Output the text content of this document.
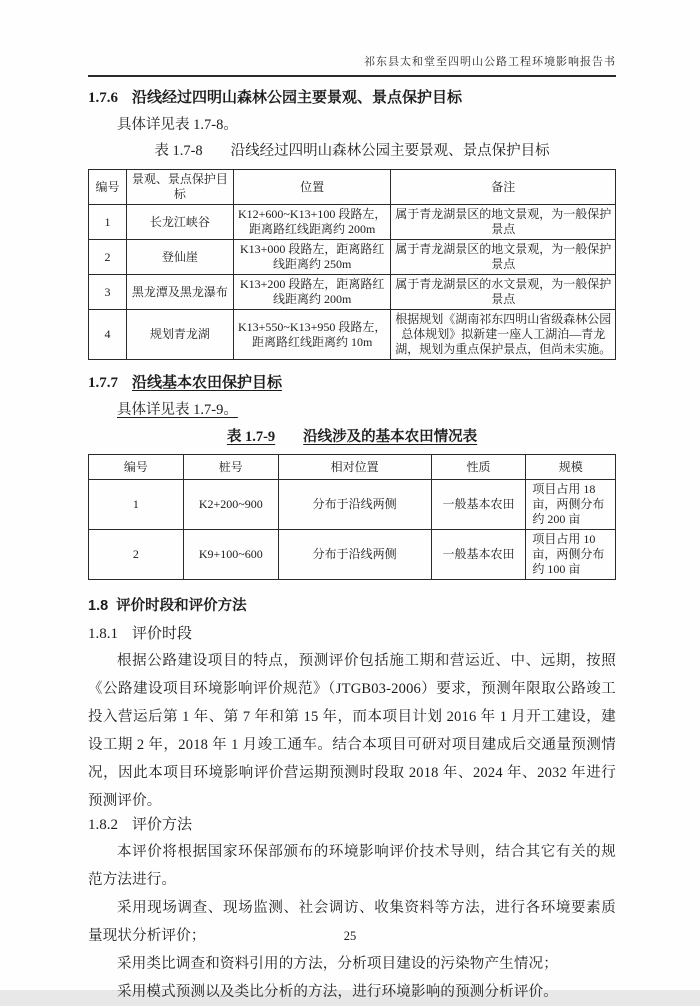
祁东县太和堂至四明山公路工程环境影响报告书
1.7.6 沿线经过四明山森林公园主要景观、景点保护目标

具体详见表 1.7-8。

表 1.7-8 沿线经过四明山森林公园主要景观、景点保护目标
编号	景观、景点保护目标	位置	备注
1	长龙江峡谷	K12+600~K13+100 段路左，距离路红线距离约 200m	属于青龙湖景区的地文景观，为一般保护景点
2	登仙崖	K13+000 段路左，距离路红线距离约 250m	属于青龙湖景区的地文景观，为一般保护景点
3	黑龙潭及黑龙瀑布	K13+200 段路左，距离路红线距离约 200m	属于青龙湖景区的水文景观，为一般保护景点
4	规划青龙湖	K13+550~K13+950 段路左，距离路红线距离约 10m	根据规划《湖南祁东四明山省级森林公园总体规划》拟新建一座人工湖泊—青龙湖，规划为重点保护景点，但尚未实施。
1.7.7 沿线基本农田保护目标

具体详见表 1.7-9。

表 1.7-9 沿线涉及的基本农田情况表
编号	桩号	相对位置	性质	规模
1	K2+200~900	分布于沿线两侧	一般基本农田	项目占用 18 亩，两侧分布约 200 亩
2	K9+100~600	分布于沿线两侧	一般基本农田	项目占用 10 亩，两侧分布约 100 亩
1.8 评价时段和评价方法
1.8.1 评价时段

根据公路建设项目的特点，预测评价包括施工期和营运近、中、远期，按照《公路建设项目环境影响评价规范》（JTGB03-2006）要求，预测年限取公路竣工投入营运后第 1 年、第 7 年和第 15 年，而本项目计划 2016 年 1 月开工建设，建设工期 2 年，2018 年 1 月竣工通车。结合本项目可研对项目建成后交通量预测情况，因此本项目环境影响评价营运期预测时段取 2018 年、2024 年、2032 年进行预测评价。

1.8.2 评价方法

本评价将根据国家环保部颁布的环境影响评价技术导则，结合其它有关的规范方法进行。

采用现场调查、现场监测、社会调访、收集资料等方法，进行各环境要素质量现状分析评价；

采用类比调查和资料引用的方法，分析项目建设的污染物产生情况；

采用模式预测以及类比分析的方法，进行环境影响的预测分析评价。

25
